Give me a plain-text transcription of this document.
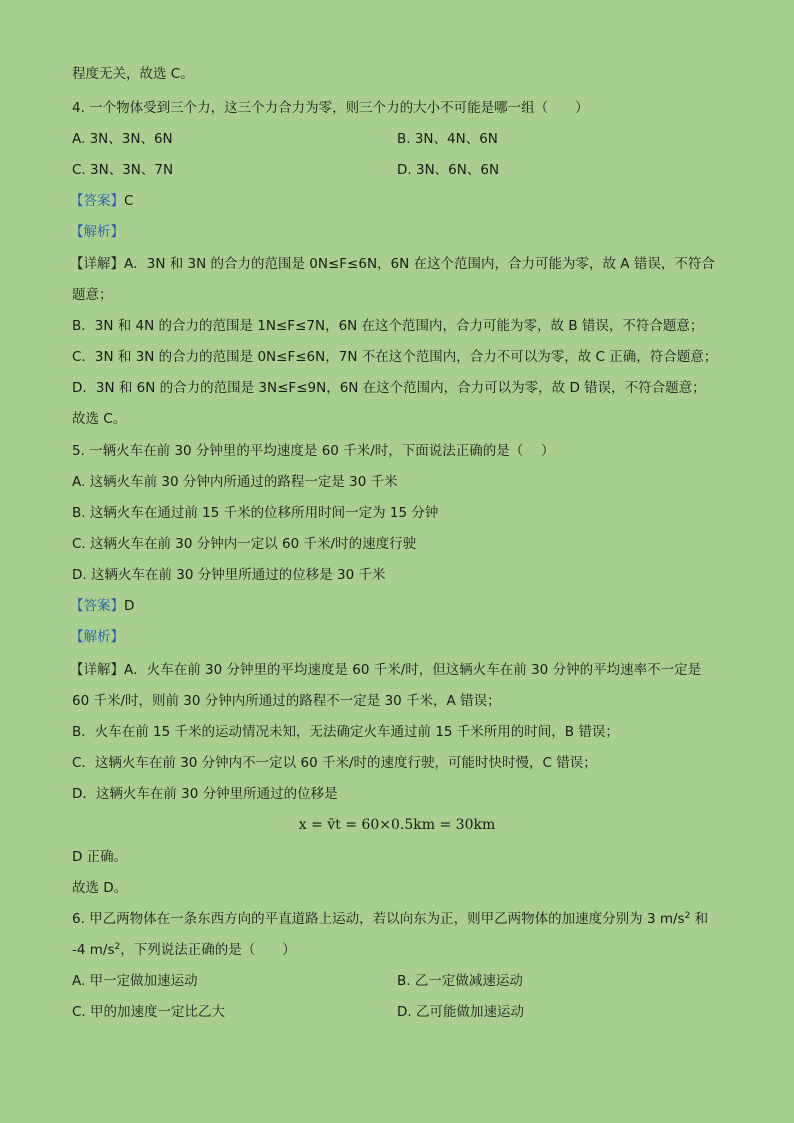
程度无关，故选 C。
4. 一个物体受到三个力，这三个力合力为零，则三个力的大小不可能是哪一组（　　）
A. 3N、3N、6N	B. 3N、4N、6N
C. 3N、3N、7N	D. 3N、6N、6N
【答案】C
【解析】
【详解】A．3N 和 3N 的合力的范围是 0N≤F≤6N，6N 在这个范围内，合力可能为零，故 A 错误，不符合
题意；
B．3N 和 4N 的合力的范围是 1N≤F≤7N，6N 在这个范围内，合力可能为零，故 B 错误，不符合题意；
C．3N 和 3N 的合力的范围是 0N≤F≤6N，7N 不在这个范围内，合力不可以为零，故 C 正确，符合题意；
D．3N 和 6N 的合力的范围是 3N≤F≤9N，6N 在这个范围内，合力可以为零，故 D 错误，不符合题意；
故选 C。
5. 一辆火车在前 30 分钟里的平均速度是 60 千米/时，下面说法正确的是（　 ）
A. 这辆火车前 30 分钟内所通过的路程一定是 30 千米
B. 这辆火车在通过前 15 千米的位移所用时间一定为 15 分钟
C. 这辆火车在前 30 分钟内一定以 60 千米/时的速度行驶
D. 这辆火车在前 30 分钟里所通过的位移是 30 千米
【答案】D
【解析】
【详解】A．火车在前 30 分钟里的平均速度是 60 千米/时，但这辆火车在前 30 分钟的平均速率不一定是
60 千米/时，则前 30 分钟内所通过的路程不一定是 30 千米，A 错误；
B．火车在前 15 千米的运动情况未知，无法确定火车通过前 15 千米所用的时间，B 错误；
C．这辆火车在前 30 分钟内不一定以 60 千米/时的速度行驶，可能时快时慢，C 错误；
D．这辆火车在前 30 分钟里所通过的位移是
x = v̄t = 60×0.5km = 30km
D 正确。
故选 D。
6. 甲乙两物体在一条东西方向的平直道路上运动，若以向东为正，则甲乙两物体的加速度分别为 3 $m/s^2$ 和
-4 $m/s^2$，下列说法正确的是（　　）
A. 甲一定做加速运动	B. 乙一定做减速运动
C. 甲的加速度一定比乙大	D. 乙可能做加速运动
